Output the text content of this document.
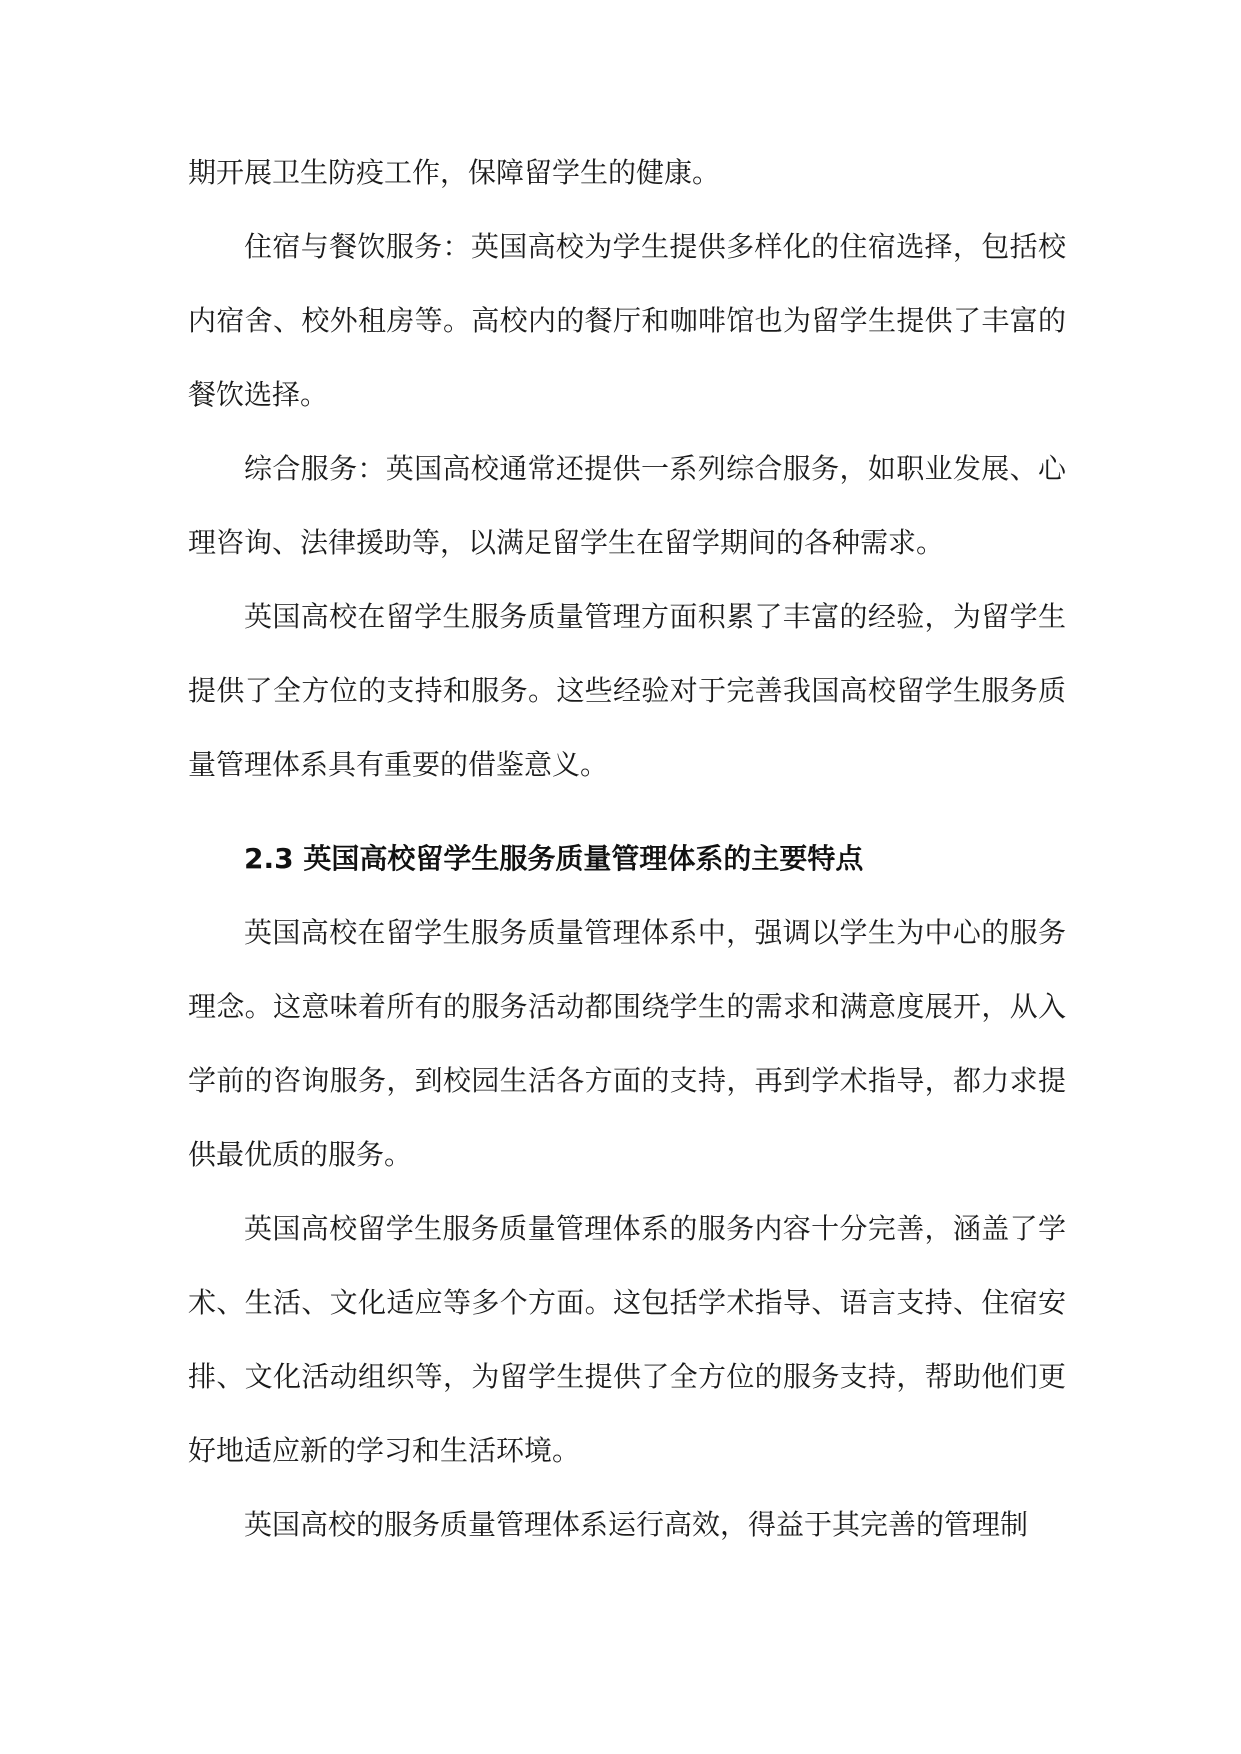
期开展卫生防疫工作，保障留学生的健康。

住宿与餐饮服务：英国高校为学生提供多样化的住宿选择，包括校内宿舍、校外租房等。高校内的餐厅和咖啡馆也为留学生提供了丰富的餐饮选择。

综合服务：英国高校通常还提供一系列综合服务，如职业发展、心理咨询、法律援助等，以满足留学生在留学期间的各种需求。

英国高校在留学生服务质量管理方面积累了丰富的经验，为留学生提供了全方位的支持和服务。这些经验对于完善我国高校留学生服务质量管理体系具有重要的借鉴意义。

2.3 英国高校留学生服务质量管理体系的主要特点

英国高校在留学生服务质量管理体系中，强调以学生为中心的服务理念。这意味着所有的服务活动都围绕学生的需求和满意度展开，从入学前的咨询服务，到校园生活各方面的支持，再到学术指导，都力求提供最优质的服务。

英国高校留学生服务质量管理体系的服务内容十分完善，涵盖了学术、生活、文化适应等多个方面。这包括学术指导、语言支持、住宿安排、文化活动组织等，为留学生提供了全方位的服务支持，帮助他们更好地适应新的学习和生活环境。

英国高校的服务质量管理体系运行高效，得益于其完善的管理制
